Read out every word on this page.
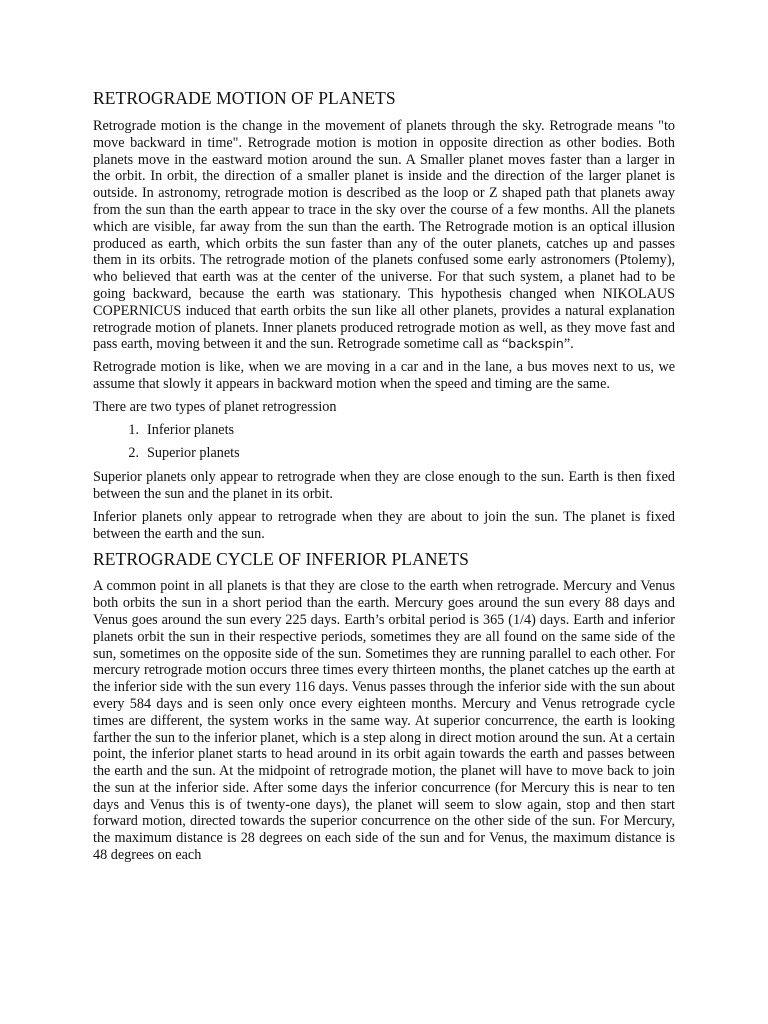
RETROGRADE MOTION OF PLANETS

Retrograde motion is the change in the movement of planets through the sky. Retrograde means "to move backward in time". Retrograde motion is motion in opposite direction as other bodies. Both planets move in the eastward motion around the sun. A Smaller planet moves faster than a larger in the orbit. In orbit, the direction of a smaller planet is inside and the direction of the larger planet is outside. In astronomy, retrograde motion is described as the loop or Z shaped path that planets away from the sun than the earth appear to trace in the sky over the course of a few months. All the planets which are visible, far away from the sun than the earth. The Retrograde motion is an optical illusion produced as earth, which orbits the sun faster than any of the outer planets, catches up and passes them in its orbits. The retrograde motion of the planets confused some early astronomers (Ptolemy), who believed that earth was at the center of the universe. For that such system, a planet had to be going backward, because the earth was stationary. This hypothesis changed when NIKOLAUS COPERNICUS induced that earth orbits the sun like all other planets, provides a natural explanation retrograde motion of planets. Inner planets produced retrograde motion as well, as they move fast and pass earth, moving between it and the sun. Retrograde sometime call as “backspin”.

Retrograde motion is like, when we are moving in a car and in the lane, a bus moves next to us, we assume that slowly it appears in backward motion when the speed and timing are the same.

There are two types of planet retrogression

1. Inferior planets
2. Superior planets

Superior planets only appear to retrograde when they are close enough to the sun. Earth is then fixed between the sun and the planet in its orbit.

Inferior planets only appear to retrograde when they are about to join the sun. The planet is fixed between the earth and the sun.

RETROGRADE CYCLE OF INFERIOR PLANETS

A common point in all planets is that they are close to the earth when retrograde. Mercury and Venus both orbits the sun in a short period than the earth. Mercury goes around the sun every 88 days and Venus goes around the sun every 225 days. Earth’s orbital period is 365 (1/4) days. Earth and inferior planets orbit the sun in their respective periods, sometimes they are all found on the same side of the sun, sometimes on the opposite side of the sun. Sometimes they are running parallel to each other. For mercury retrograde motion occurs three times every thirteen months, the planet catches up the earth at the inferior side with the sun every 116 days. Venus passes through the inferior side with the sun about every 584 days and is seen only once every eighteen months. Mercury and Venus retrograde cycle times are different, the system works in the same way. At superior concurrence, the earth is looking farther the sun to the inferior planet, which is a step along in direct motion around the sun. At a certain point, the inferior planet starts to head around in its orbit again towards the earth and passes between the earth and the sun. At the midpoint of retrograde motion, the planet will have to move back to join the sun at the inferior side. After some days the inferior concurrence (for Mercury this is near to ten days and Venus this is of twenty-one days), the planet will seem to slow again, stop and then start forward motion, directed towards the superior concurrence on the other side of the sun. For Mercury, the maximum distance is 28 degrees on each side of the sun and for Venus, the maximum distance is 48 degrees on each
